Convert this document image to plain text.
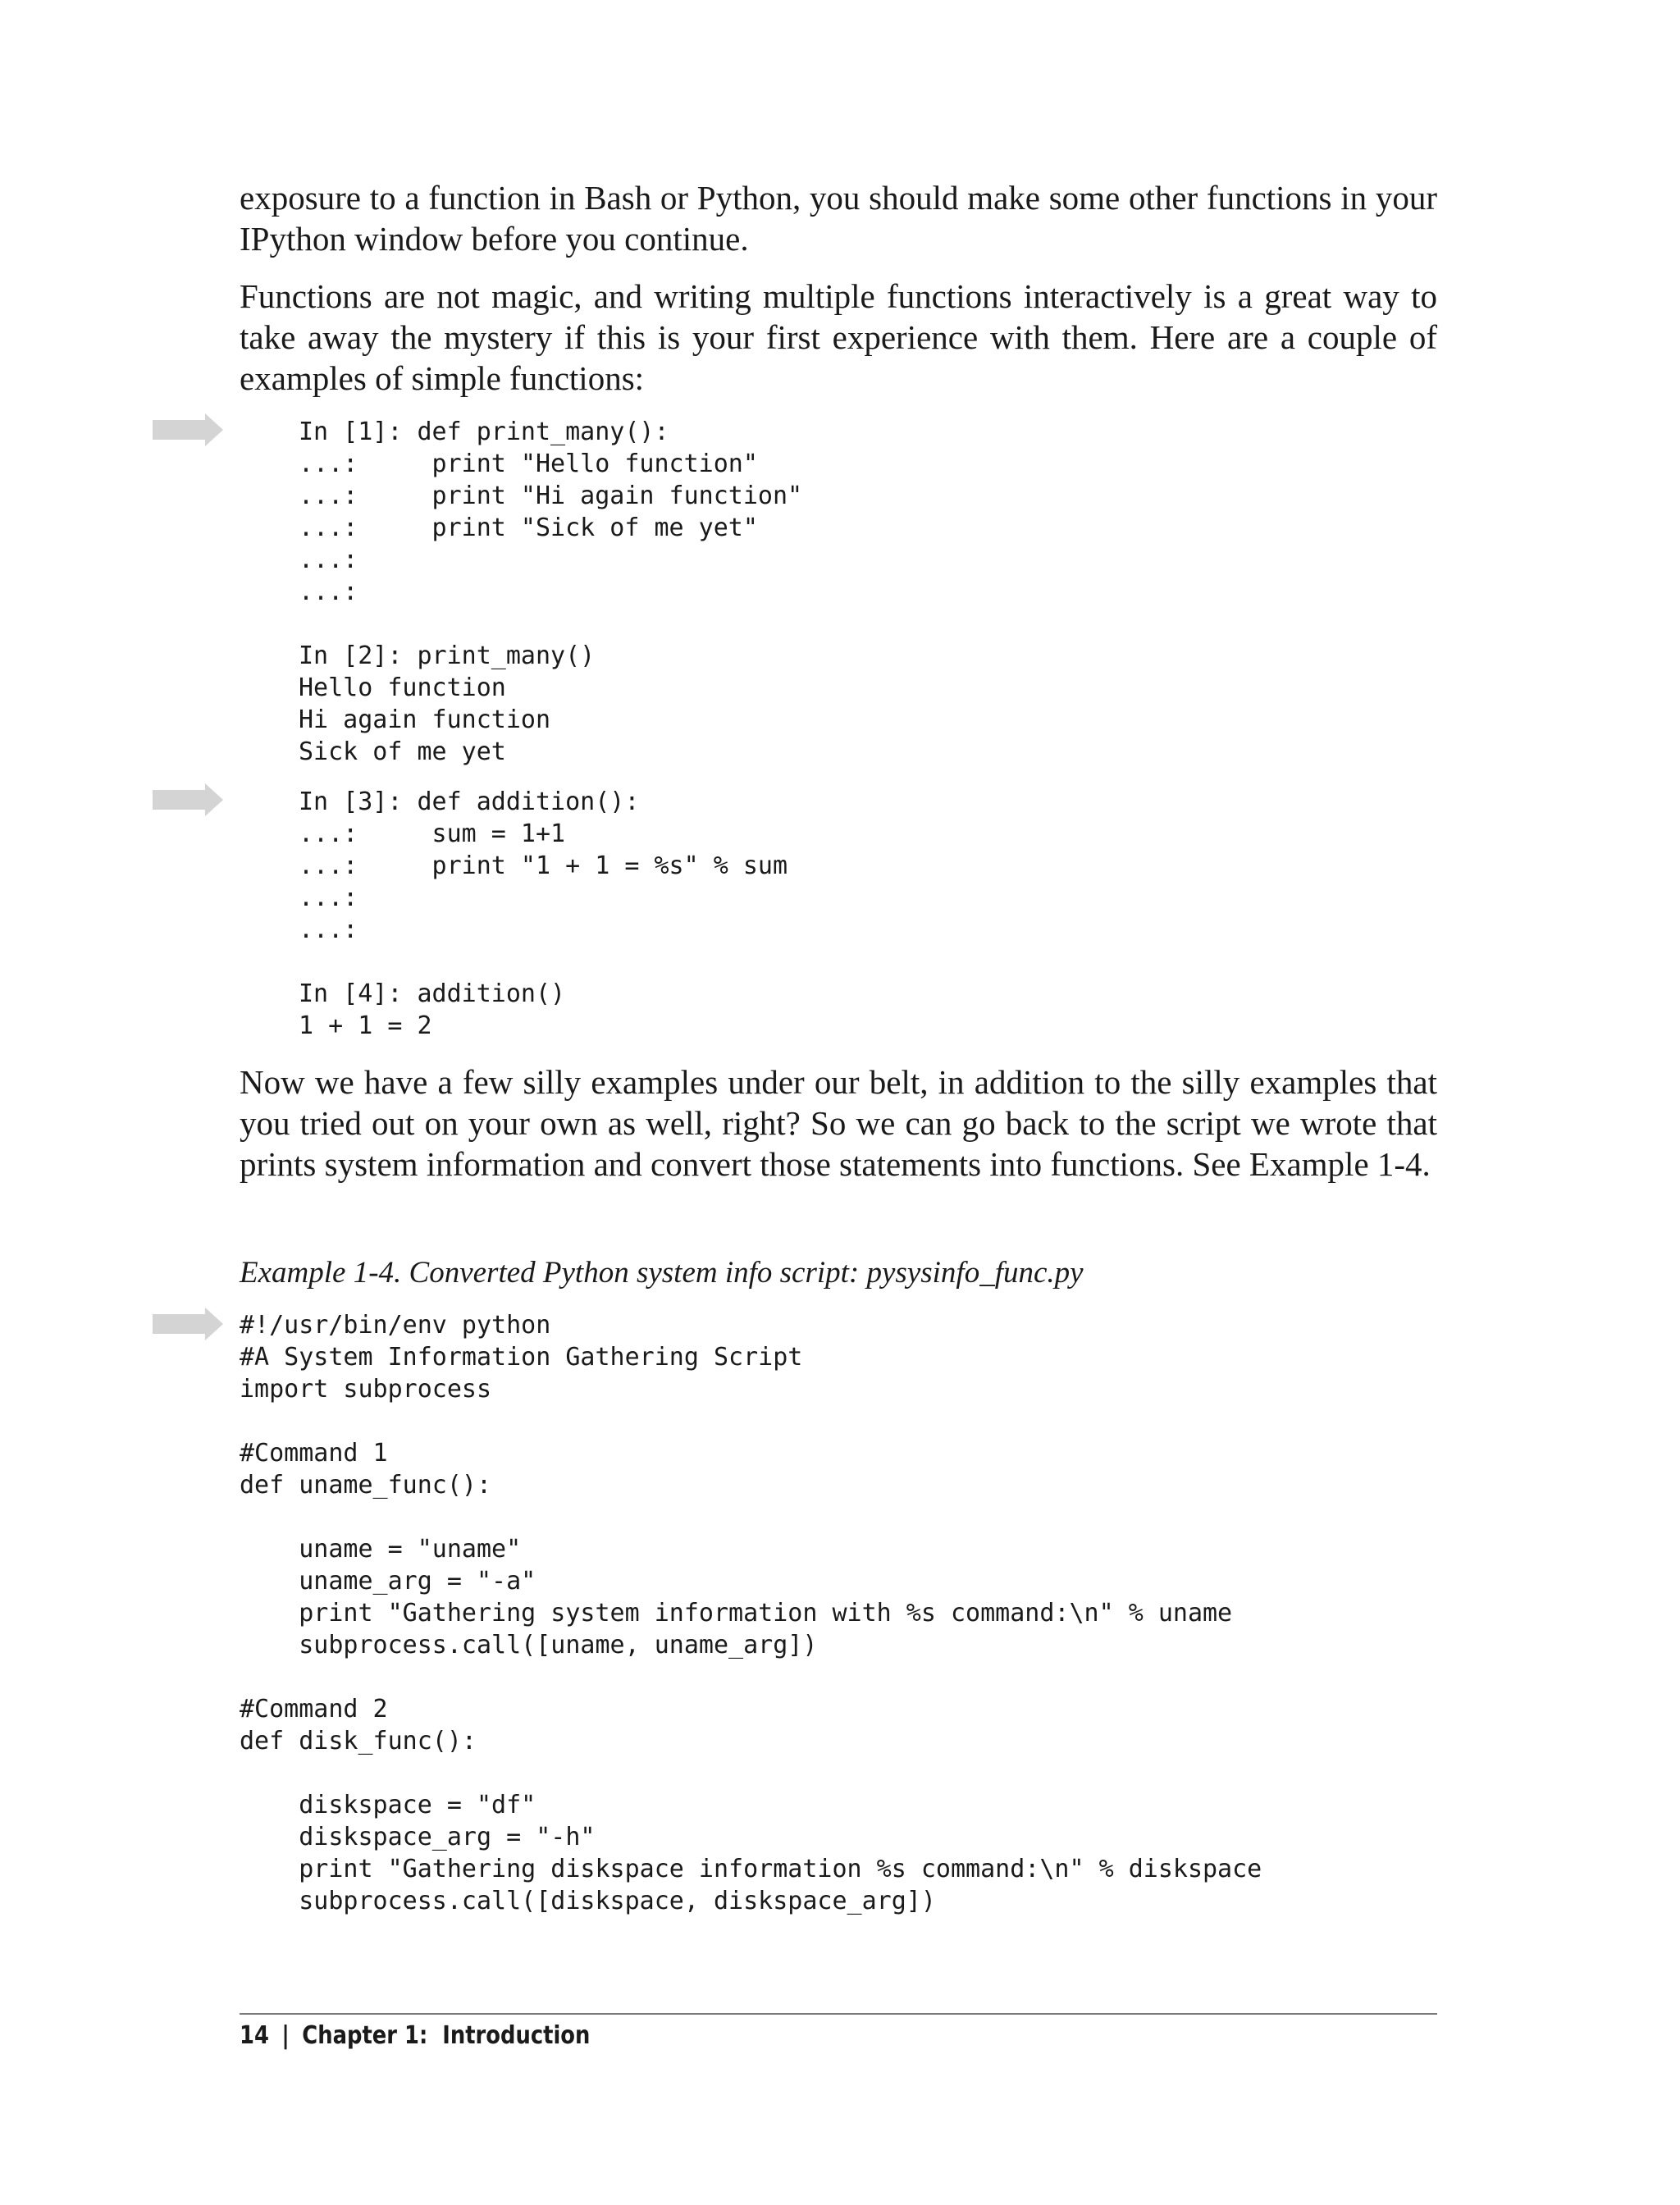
exposure to a function in Bash or Python, you should make some other functions in your IPython window before you continue.

Functions are not magic, and writing multiple functions interactively is a great way to take away the mystery if this is your first experience with them. Here are a couple of examples of simple functions:

In [1]: def print_many():
...:     print "Hello function"
...:     print "Hi again function"
...:     print "Sick of me yet"
...:
...:

In [2]: print_many()
Hello function
Hi again function
Sick of me yet
In [3]: def addition():
...:     sum = 1+1
...:     print "1 + 1 = %s" % sum
...:
...:

In [4]: addition()
1 + 1 = 2

Now we have a few silly examples under our belt, in addition to the silly examples that you tried out on your own as well, right? So we can go back to the script we wrote that prints system information and convert those statements into functions. See Example 1-4.

Example 1-4. Converted Python system info script: pysysinfo_func.py

#!/usr/bin/env python
#A System Information Gathering Script
import subprocess

#Command 1
def uname_func():

uname = "uname"
uname_arg = "-a"
print "Gathering system information with %s command:\n" % uname
subprocess.call([uname, uname_arg])

#Command 2
def disk_func():

diskspace = "df"
diskspace_arg = "-h"
print "Gathering diskspace information %s command:\n" % diskspace
subprocess.call([diskspace, diskspace_arg])
14 | Chapter 1:  Introduction
